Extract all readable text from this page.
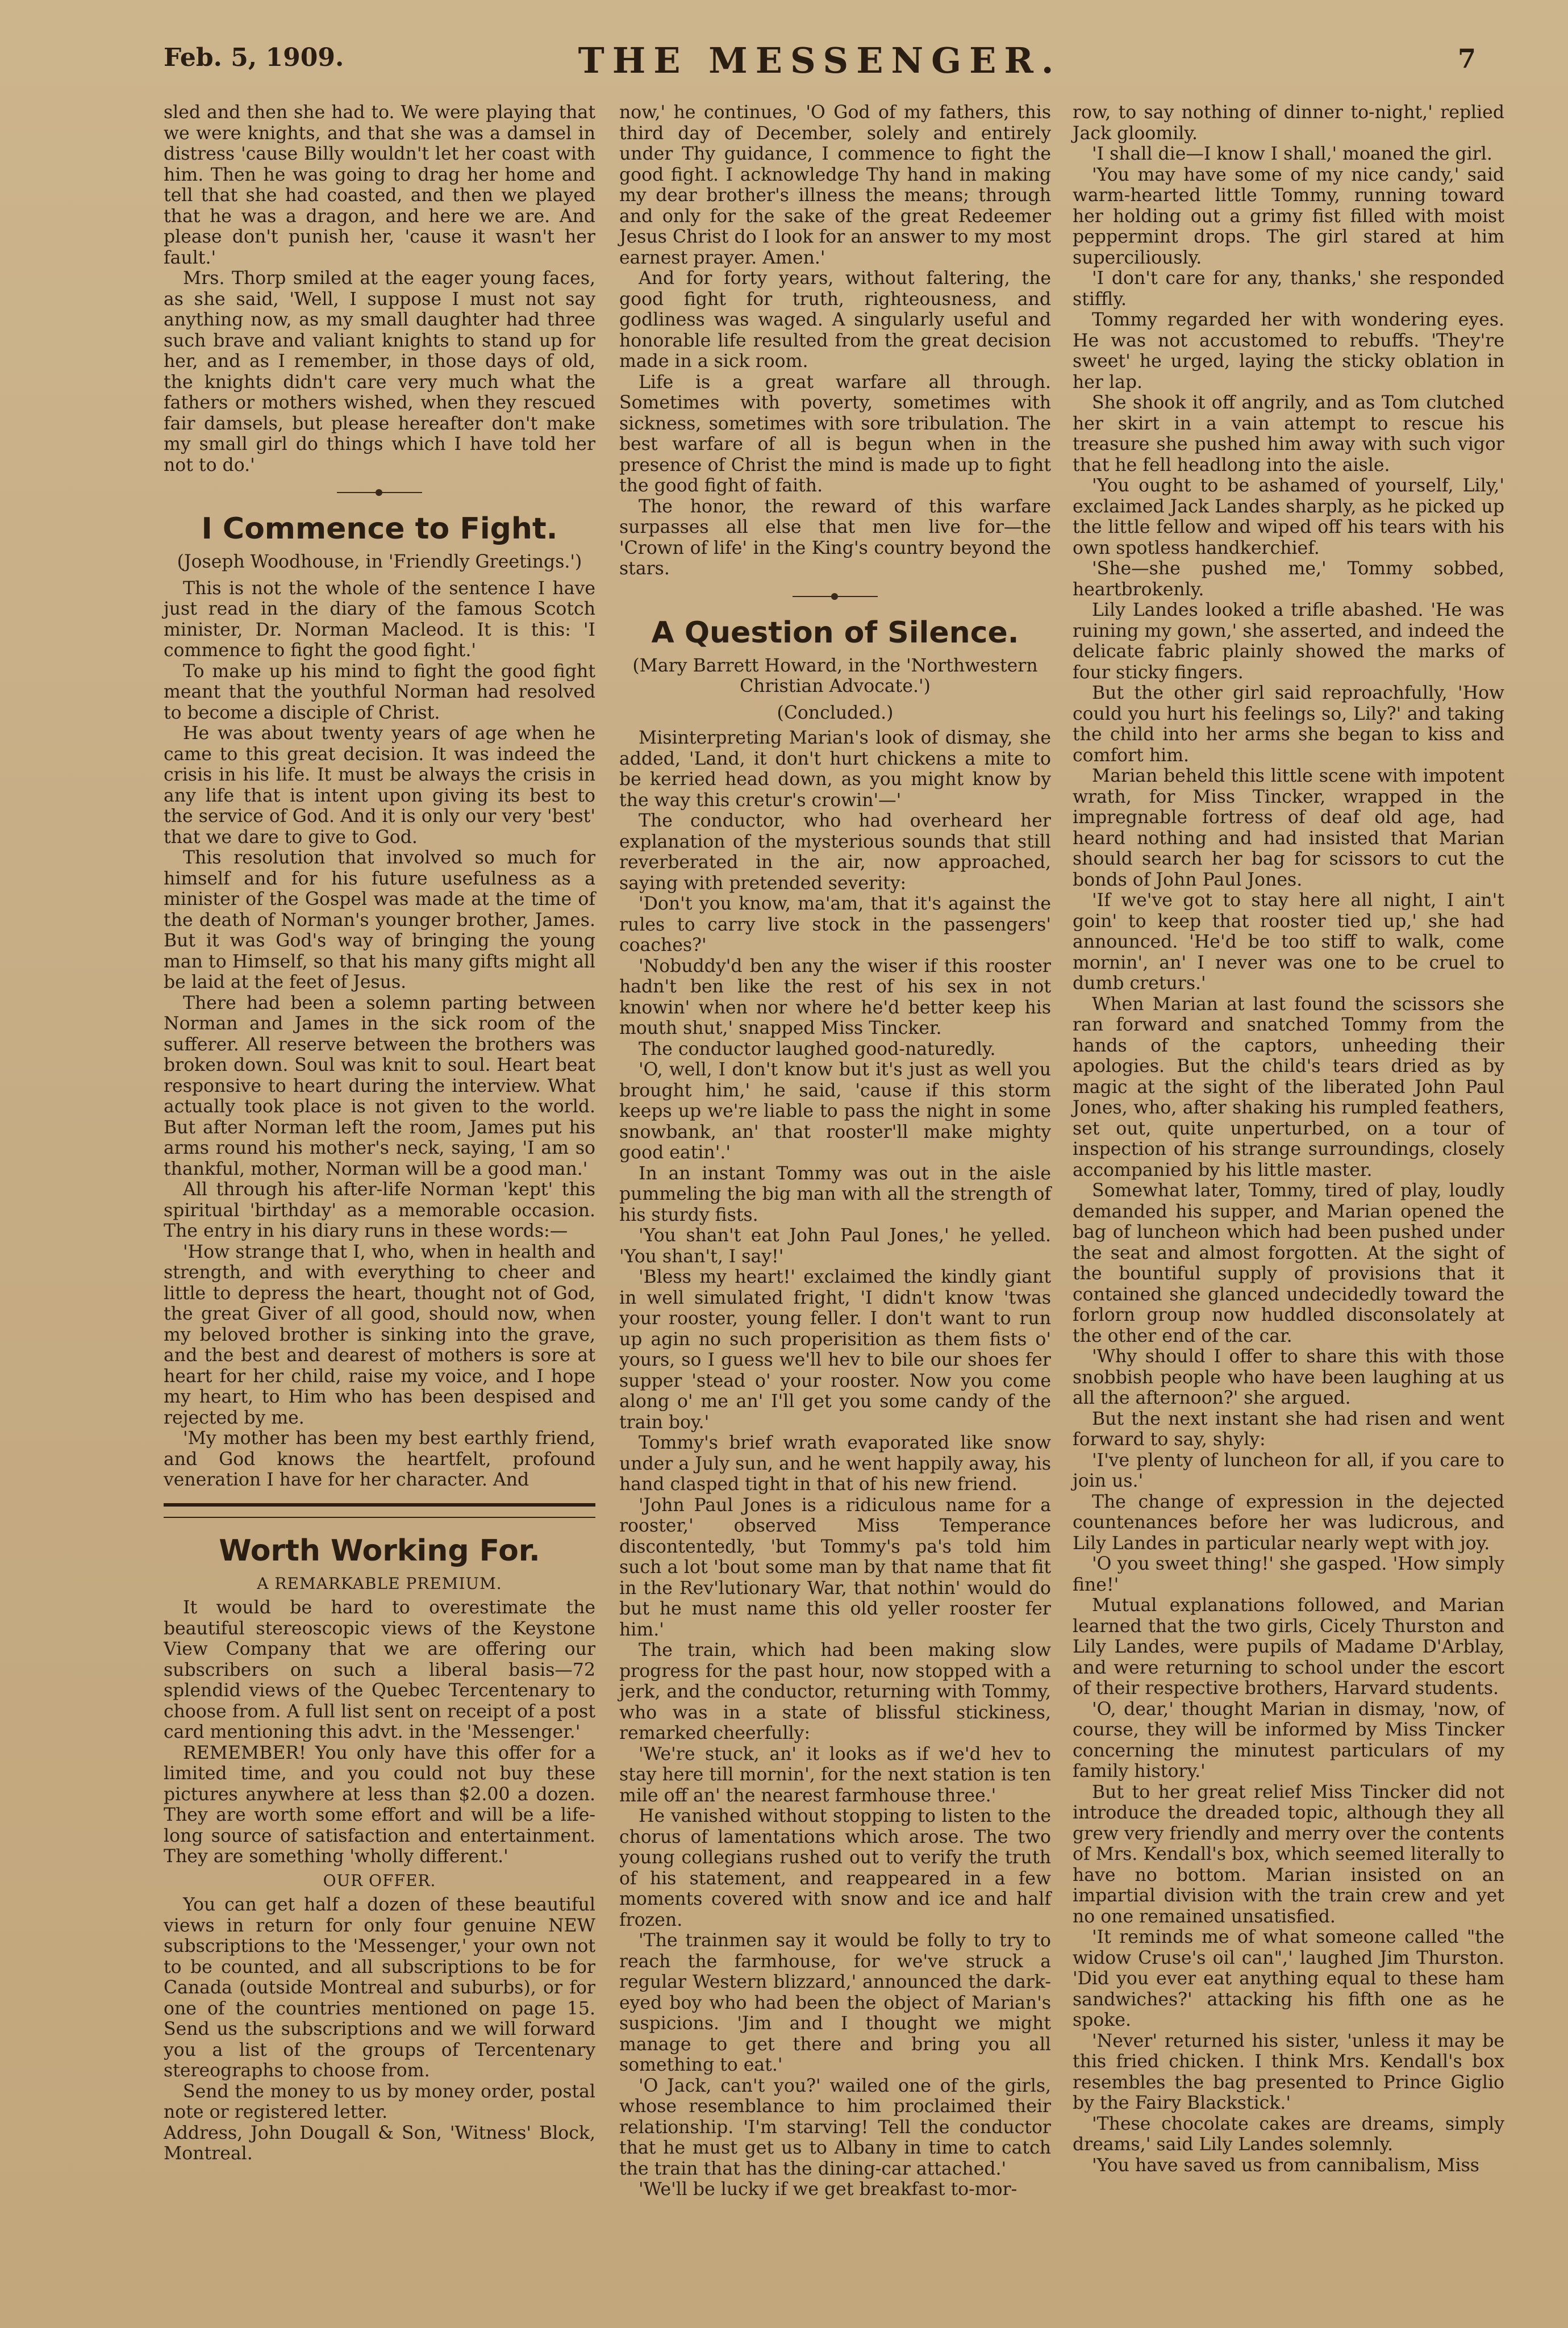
Feb. 5, 1909.	THE MESSENGER.	7

sled and then she had to. We were playing that we were knights, and that she was a damsel in distress 'cause Billy wouldn't let her coast with him. Then he was going to drag her home and tell that she had coasted, and then we played that he was a dragon, and here we are. And please don't punish her, 'cause it wasn't her fault.'

Mrs. Thorp smiled at the eager young faces, as she said, 'Well, I suppose I must not say anything now, as my small daughter had three such brave and valiant knights to stand up for her, and as I remember, in those days of old, the knights didn't care very much what the fathers or mothers wished, when they rescued fair damsels, but please hereafter don't make my small girl do things which I have told her not to do.'

I Commence to Fight.

(Joseph Woodhouse, in 'Friendly Greetings.')

This is not the whole of the sentence I have just read in the diary of the famous Scotch minister, Dr. Norman Macleod. It is this: 'I commence to fight the good fight.'

To make up his mind to fight the good fight meant that the youthful Norman had resolved to become a disciple of Christ.

He was about twenty years of age when he came to this great decision. It was indeed the crisis in his life. It must be always the crisis in any life that is intent upon giving its best to the service of God. And it is only our very 'best' that we dare to give to God.

This resolution that involved so much for himself and for his future usefulness as a minister of the Gospel was made at the time of the death of Norman's younger brother, James. But it was God's way of bringing the young man to Himself, so that his many gifts might all be laid at the feet of Jesus.

There had been a solemn parting between Norman and James in the sick room of the sufferer. All reserve between the brothers was broken down. Soul was knit to soul. Heart beat responsive to heart during the interview. What actually took place is not given to the world. But after Norman left the room, James put his arms round his mother's neck, saying, 'I am so thankful, mother, Norman will be a good man.'

All through his after-life Norman 'kept' this spiritual 'birthday' as a memorable occasion. The entry in his diary runs in these words:—

'How strange that I, who, when in health and strength, and with everything to cheer and little to depress the heart, thought not of God, the great Giver of all good, should now, when my beloved brother is sinking into the grave, and the best and dearest of mothers is sore at heart for her child, raise my voice, and I hope my heart, to Him who has been despised and rejected by me.

'My mother has been my best earthly friend, and God knows the heartfelt, profound veneration I have for her character. And

Worth Working For.

A REMARKABLE PREMIUM.

It would be hard to overestimate the beautiful stereoscopic views of the Keystone View Company that we are offering our subscribers on such a liberal basis—72 splendid views of the Quebec Tercentenary to choose from. A full list sent on receipt of a post card mentioning this advt. in the 'Messenger.'

REMEMBER! You only have this offer for a limited time, and you could not buy these pictures anywhere at less than $2.00 a dozen. They are worth some effort and will be a life-long source of satisfaction and entertainment. They are something 'wholly different.'

OUR OFFER.

You can get half a dozen of these beautiful views in return for only four genuine NEW subscriptions to the 'Messenger,' your own not to be counted, and all subscriptions to be for Canada (outside Montreal and suburbs), or for one of the countries mentioned on page 15. Send us the subscriptions and we will forward you a list of the groups of Tercentenary stereographs to choose from.

Send the money to us by money order, postal note or registered letter.

Address, John Dougall & Son, 'Witness' Block, Montreal.

now,' he continues, 'O God of my fathers, this third day of December, solely and entirely under Thy guidance, I commence to fight the good fight. I acknowledge Thy hand in making my dear brother's illness the means; through and only for the sake of the great Redeemer Jesus Christ do I look for an answer to my most earnest prayer. Amen.'

And for forty years, without faltering, the good fight for truth, righteousness, and godliness was waged. A singularly useful and honorable life resulted from the great decision made in a sick room.

Life is a great warfare all through. Sometimes with poverty, sometimes with sickness, sometimes with sore tribulation. The best warfare of all is begun when in the presence of Christ the mind is made up to fight the good fight of faith.

The honor, the reward of this warfare surpasses all else that men live for—the 'Crown of life' in the King's country beyond the stars.

A Question of Silence.

(Mary Barrett Howard, in the 'Northwestern Christian Advocate.')

(Concluded.)

Misinterpreting Marian's look of dismay, she added, 'Land, it don't hurt chickens a mite to be kerried head down, as you might know by the way this cretur's crowin'—'

The conductor, who had overheard her explanation of the mysterious sounds that still reverberated in the air, now approached, saying with pretended severity:

'Don't you know, ma'am, that it's against the rules to carry live stock in the passengers' coaches?'

'Nobuddy'd ben any the wiser if this rooster hadn't ben like the rest of his sex in not knowin' when nor where he'd better keep his mouth shut,' snapped Miss Tincker.

The conductor laughed good-naturedly.

'O, well, I don't know but it's just as well you brought him,' he said, 'cause if this storm keeps up we're liable to pass the night in some snowbank, an' that rooster'll make mighty good eatin'.'

In an instant Tommy was out in the aisle pummeling the big man with all the strength of his sturdy fists.

'You shan't eat John Paul Jones,' he yelled. 'You shan't, I say!'

'Bless my heart!' exclaimed the kindly giant in well simulated fright, 'I didn't know 'twas your rooster, young feller. I don't want to run up agin no such properisition as them fists o' yours, so I guess we'll hev to bile our shoes fer supper 'stead o' your rooster. Now you come along o' me an' I'll get you some candy of the train boy.'

Tommy's brief wrath evaporated like snow under a July sun, and he went happily away, his hand clasped tight in that of his new friend.

'John Paul Jones is a ridiculous name for a rooster,' observed Miss Temperance discontentedly, 'but Tommy's pa's told him such a lot 'bout some man by that name that fit in the Rev'lutionary War, that nothin' would do but he must name this old yeller rooster fer him.'

The train, which had been making slow progress for the past hour, now stopped with a jerk, and the conductor, returning with Tommy, who was in a state of blissful stickiness, remarked cheerfully:

'We're stuck, an' it looks as if we'd hev to stay here till mornin', for the next station is ten mile off an' the nearest farmhouse three.'

He vanished without stopping to listen to the chorus of lamentations which arose. The two young collegians rushed out to verify the truth of his statement, and reappeared in a few moments covered with snow and ice and half frozen.

'The trainmen say it would be folly to try to reach the farmhouse, for we've struck a regular Western blizzard,' announced the dark-eyed boy who had been the object of Marian's suspicions. 'Jim and I thought we might manage to get there and bring you all something to eat.'

'O Jack, can't you?' wailed one of the girls, whose resemblance to him proclaimed their relationship. 'I'm starving! Tell the conductor that he must get us to Albany in time to catch the train that has the dining-car attached.'

'We'll be lucky if we get breakfast to-mor-

row, to say nothing of dinner to-night,' replied Jack gloomily.

'I shall die—I know I shall,' moaned the girl.

'You may have some of my nice candy,' said warm-hearted little Tommy, running toward her holding out a grimy fist filled with moist peppermint drops. The girl stared at him superciliously.

'I don't care for any, thanks,' she responded stiffly.

Tommy regarded her with wondering eyes. He was not accustomed to rebuffs. 'They're sweet' he urged, laying the sticky oblation in her lap.

She shook it off angrily, and as Tom clutched her skirt in a vain attempt to rescue his treasure she pushed him away with such vigor that he fell headlong into the aisle.

'You ought to be ashamed of yourself, Lily,' exclaimed Jack Landes sharply, as he picked up the little fellow and wiped off his tears with his own spotless handkerchief.

'She—she pushed me,' Tommy sobbed, heartbrokenly.

Lily Landes looked a trifle abashed. 'He was ruining my gown,' she asserted, and indeed the delicate fabric plainly showed the marks of four sticky fingers.

But the other girl said reproachfully, 'How could you hurt his feelings so, Lily?' and taking the child into her arms she began to kiss and comfort him.

Marian beheld this little scene with impotent wrath, for Miss Tincker, wrapped in the impregnable fortress of deaf old age, had heard nothing and had insisted that Marian should search her bag for scissors to cut the bonds of John Paul Jones.

'If we've got to stay here all night, I ain't goin' to keep that rooster tied up,' she had announced. 'He'd be too stiff to walk, come mornin', an' I never was one to be cruel to dumb creturs.'

When Marian at last found the scissors she ran forward and snatched Tommy from the hands of the captors, unheeding their apologies. But the child's tears dried as by magic at the sight of the liberated John Paul Jones, who, after shaking his rumpled feathers, set out, quite unperturbed, on a tour of inspection of his strange surroundings, closely accompanied by his little master.

Somewhat later, Tommy, tired of play, loudly demanded his supper, and Marian opened the bag of luncheon which had been pushed under the seat and almost forgotten. At the sight of the bountiful supply of provisions that it contained she glanced undecidedly toward the forlorn group now huddled disconsolately at the other end of the car.

'Why should I offer to share this with those snobbish people who have been laughing at us all the afternoon?' she argued.

But the next instant she had risen and went forward to say, shyly:

'I've plenty of luncheon for all, if you care to join us.'

The change of expression in the dejected countenances before her was ludicrous, and Lily Landes in particular nearly wept with joy.

'O you sweet thing!' she gasped. 'How simply fine!'

Mutual explanations followed, and Marian learned that the two girls, Cicely Thurston and Lily Landes, were pupils of Madame D'Arblay, and were returning to school under the escort of their respective brothers, Harvard students.

'O, dear,' thought Marian in dismay, 'now, of course, they will be informed by Miss Tincker concerning the minutest particulars of my family history.'

But to her great relief Miss Tincker did not introduce the dreaded topic, although they all grew very friendly and merry over the contents of Mrs. Kendall's box, which seemed literally to have no bottom. Marian insisted on an impartial division with the train crew and yet no one remained unsatisfied.

'It reminds me of what someone called "the widow Cruse's oil can",' laughed Jim Thurston. 'Did you ever eat anything equal to these ham sandwiches?' attacking his fifth one as he spoke.

'Never' returned his sister, 'unless it may be this fried chicken. I think Mrs. Kendall's box resembles the bag presented to Prince Giglio by the Fairy Blackstick.'

'These chocolate cakes are dreams, simply dreams,' said Lily Landes solemnly.

'You have saved us from cannibalism, Miss
